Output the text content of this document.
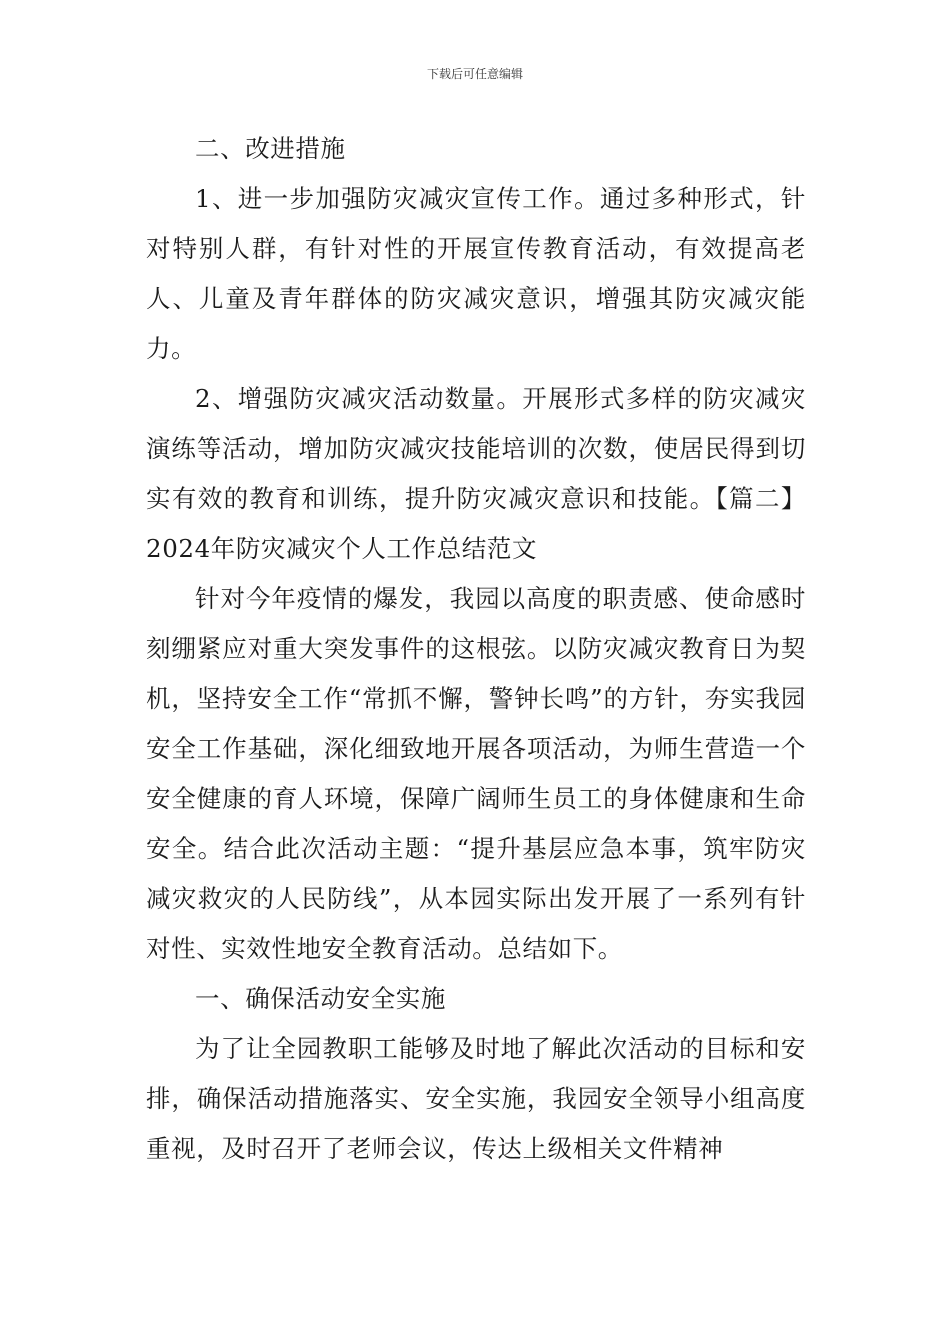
下载后可任意编辑

二、改进措施

1、进一步加强防灾减灾宣传工作。通过多种形式，针对特别人群，有针对性的开展宣传教育活动，有效提高老人、儿童及青年群体的防灾减灾意识，增强其防灾减灾能力。

2、增强防灾减灾活动数量。开展形式多样的防灾减灾演练等活动，增加防灾减灾技能培训的次数，使居民得到切实有效的教育和训练，提升防灾减灾意识和技能。【篇二】2024年防灾减灾个人工作总结范文

针对今年疫情的爆发，我园以高度的职责感、使命感时刻绷紧应对重大突发事件的这根弦。以防灾减灾教育日为契机，坚持安全工作“常抓不懈，警钟长鸣”的方针，夯实我园安全工作基础，深化细致地开展各项活动，为师生营造一个安全健康的育人环境，保障广阔师生员工的身体健康和生命安全。结合此次活动主题：“提升基层应急本事，筑牢防灾减灾救灾的人民防线”，从本园实际出发开展了一系列有针对性、实效性地安全教育活动。总结如下。

一、确保活动安全实施

为了让全园教职工能够及时地了解此次活动的目标和安排，确保活动措施落实、安全实施，我园安全领导小组高度重视，及时召开了老师会议，传达上级相关文件精神
